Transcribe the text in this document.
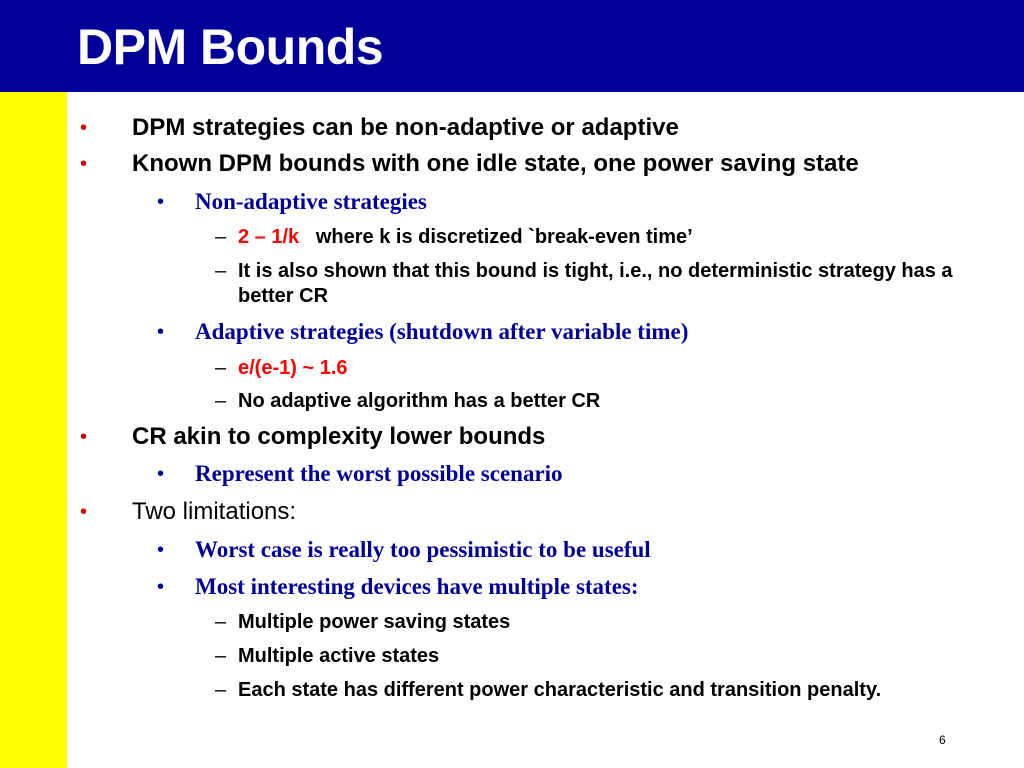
DPM Bounds
• DPM strategies can be non-adaptive or adaptive
• Known DPM bounds with one idle state, one power saving state
• Non-adaptive strategies
– 2 – 1/k   where k is discretized `break-even time’
– It is also shown that this bound is tight, i.e., no deterministic strategy has a better CR
• Adaptive strategies (shutdown after variable time)
– e/(e-1) ~ 1.6
– No adaptive algorithm has a better CR
• CR akin to complexity lower bounds
• Represent the worst possible scenario
• Two limitations:
• Worst case is really too pessimistic to be useful
• Most interesting devices have multiple states:
– Multiple power saving states
– Multiple active states
– Each state has different power characteristic and transition penalty.
6
